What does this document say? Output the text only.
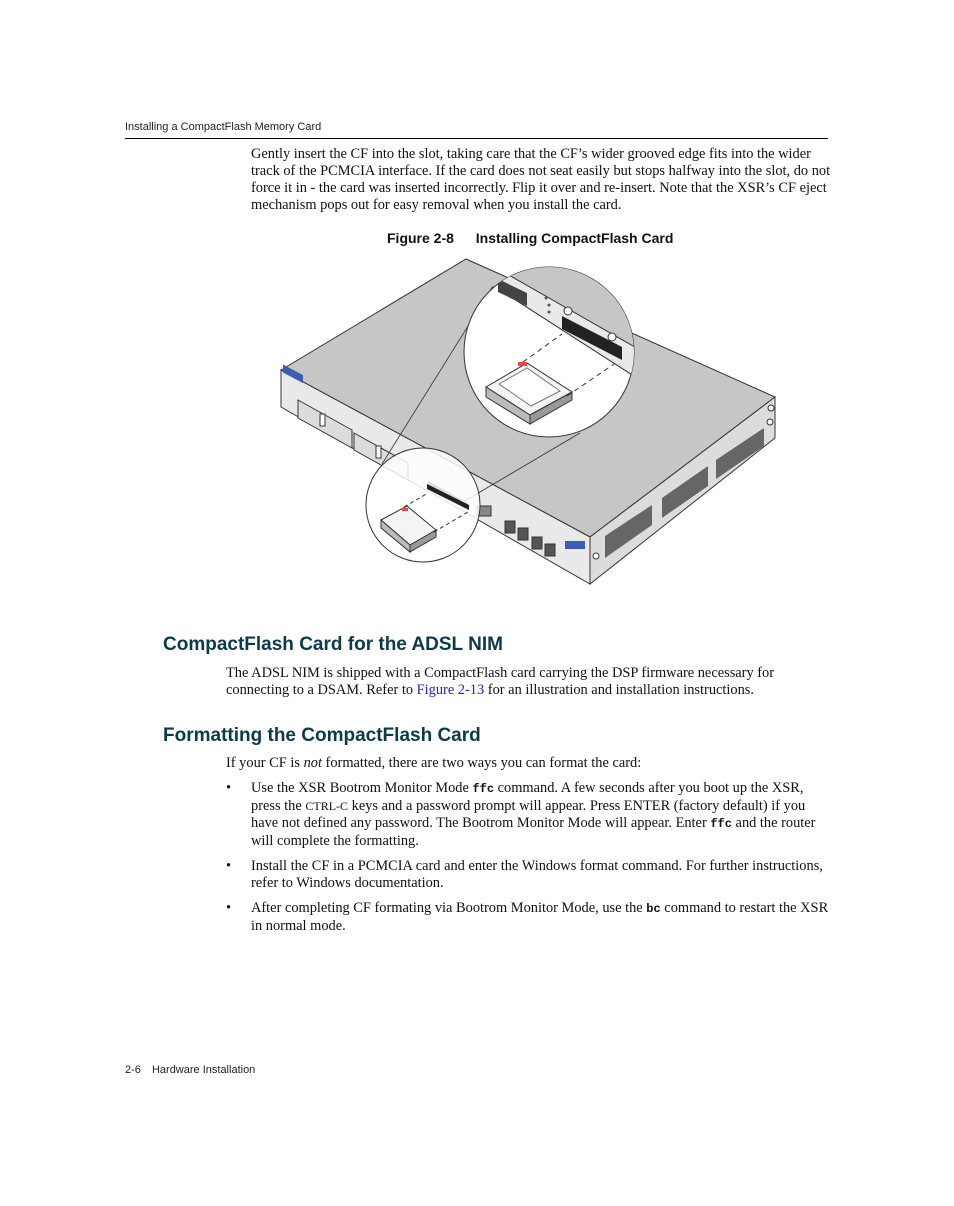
Installing a CompactFlash Memory Card

Gently insert the CF into the slot, taking care that the CF’s wider grooved edge fits into the wider track of the PCMCIA interface. If the card does not seat easily but stops halfway into the slot, do not force it in - the card was inserted incorrectly. Flip it over and re-insert. Note that the XSR’s CF eject mechanism pops out for easy removal when you install the card.

Figure 2-8 Installing CompactFlash Card
CompactFlash Card for the ADSL NIM

The ADSL NIM is shipped with a CompactFlash card carrying the DSP firmware necessary for connecting to a DSAM. Refer to Figure 2-13 for an illustration and installation instructions.

Formatting the CompactFlash Card

If your CF is not formatted, there are two ways you can format the card:

• Use the XSR Bootrom Monitor Mode ffc command. A few seconds after you boot up the XSR, press the CTRL-C keys and a password prompt will appear. Press ENTER (factory default) if you have not defined any password. The Bootrom Monitor Mode will appear. Enter ffc and the router will complete the formatting.
• Install the CF in a PCMCIA card and enter the Windows format command. For further instructions, refer to Windows documentation.
• After completing CF formating via Bootrom Monitor Mode, use the bc command to restart the XSR in normal mode.
2-6 Hardware Installation
